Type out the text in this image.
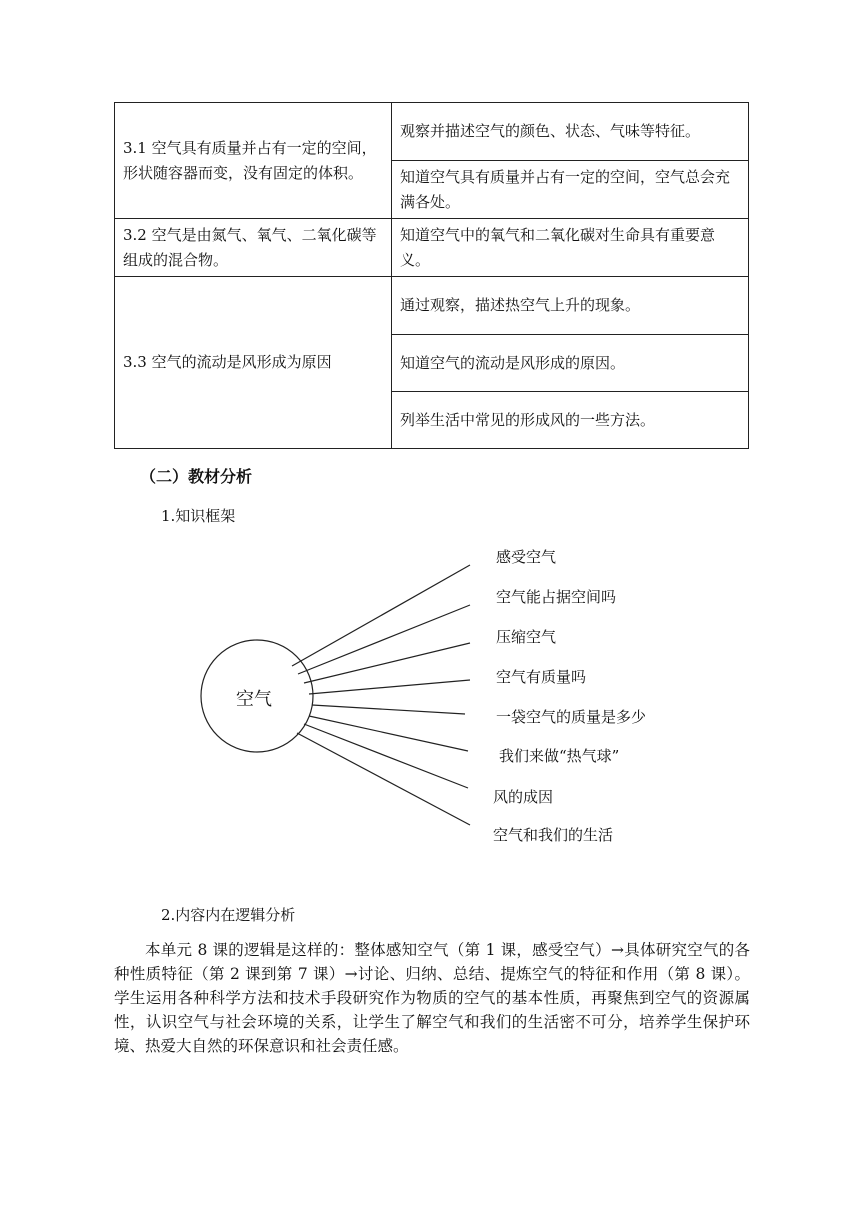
3.1 空气具有质量并占有一定的空间，形状随容器而变，没有固定的体积。	观察并描述空气的颜色、状态、气味等特征。
	知道空气具有质量并占有一定的空间，空气总会充满各处。
3.2 空气是由氮气、氧气、二氧化碳等组成的混合物。	知道空气中的氧气和二氧化碳对生命具有重要意义。
3.3 空气的流动是风形成为原因	通过观察，描述热空气上升的现象。
	知道空气的流动是风形成的原因。
	列举生活中常见的形成风的一些方法。
（二）教材分析
1.知识框架
空气
感受空气
空气能占据空间吗
压缩空气
空气有质量吗
一袋空气的质量是多少
我们来做“热气球”
风的成因
空气和我们的生活
2.内容内在逻辑分析

本单元 8 课的逻辑是这样的：整体感知空气（第 1 课，感受空气）→具体研究空气的各种性质特征（第 2 课到第 7 课）→讨论、归纳、总结、提炼空气的特征和作用（第 8 课）。学生运用各种科学方法和技术手段研究作为物质的空气的基本性质，再聚焦到空气的资源属性，认识空气与社会环境的关系，让学生了解空气和我们的生活密不可分，培养学生保护环境、热爱大自然的环保意识和社会责任感。
